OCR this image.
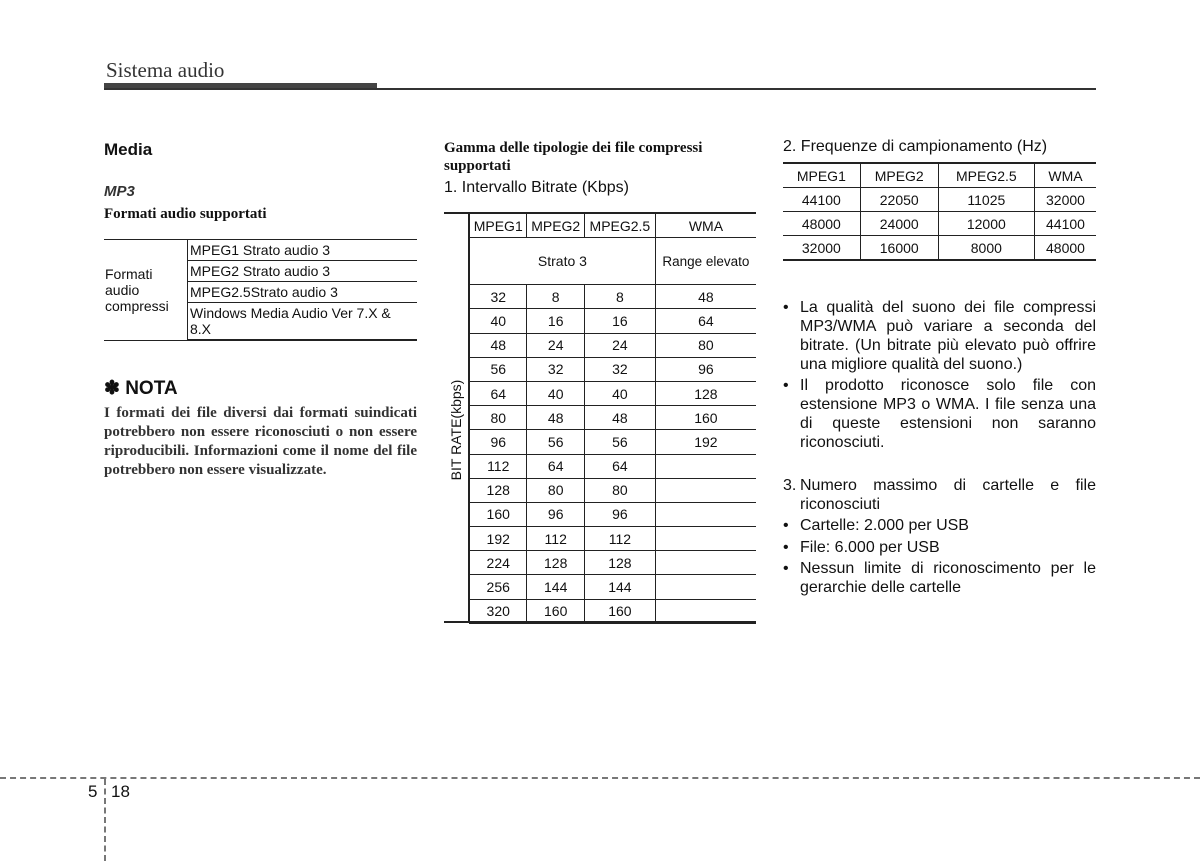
Sistema audio
Media
MP3
Formati audio supportati
Formati audio compressi	MPEG1 Strato audio 3
MPEG2 Strato audio 3
MPEG2.5Strato audio 3
Windows Media Audio Ver 7.X & 8.X
✽ NOTA
I formati dei file diversi dai formati suindicati potrebbero non essere riconosciuti o non essere riproducibili. Informazioni come il nome del file potrebbero non essere visualizzate.
Gamma delle tipologie dei file compressi supportati
1. Intervallo Bitrate (Kbps)
BIT RATE(kbps)
MPEG1	MPEG2	MPEG2.5	WMA
Strato 3			Range elevato
32	8	8	48
40	16	16	64
48	24	24	80
56	32	32	96
64	40	40	128
80	48	48	160
96	56	56	192
112	64	64	
128	80	80	
160	96	96	
192	112	112	
224	128	128	
256	144	144	
320	160	160	
2. Frequenze di campionamento (Hz)
MPEG1	MPEG2	MPEG2.5	WMA
44100	22050	11025	32000
48000	24000	12000	44100
32000	16000	8000	48000
• La qualità del suono dei file compressi MP3/WMA può variare a seconda del bitrate. (Un bitrate più elevato può offrire una migliore qualità del suono.)
• Il prodotto riconosce solo file con estensione MP3 o WMA. I file senza una di queste estensioni non saranno riconosciuti.
3. Numero massimo di cartelle e file riconosciuti
• Cartelle: 2.000 per USB
• File: 6.000 per USB
• Nessun limite di riconoscimento per le gerarchie delle cartelle
5 18
